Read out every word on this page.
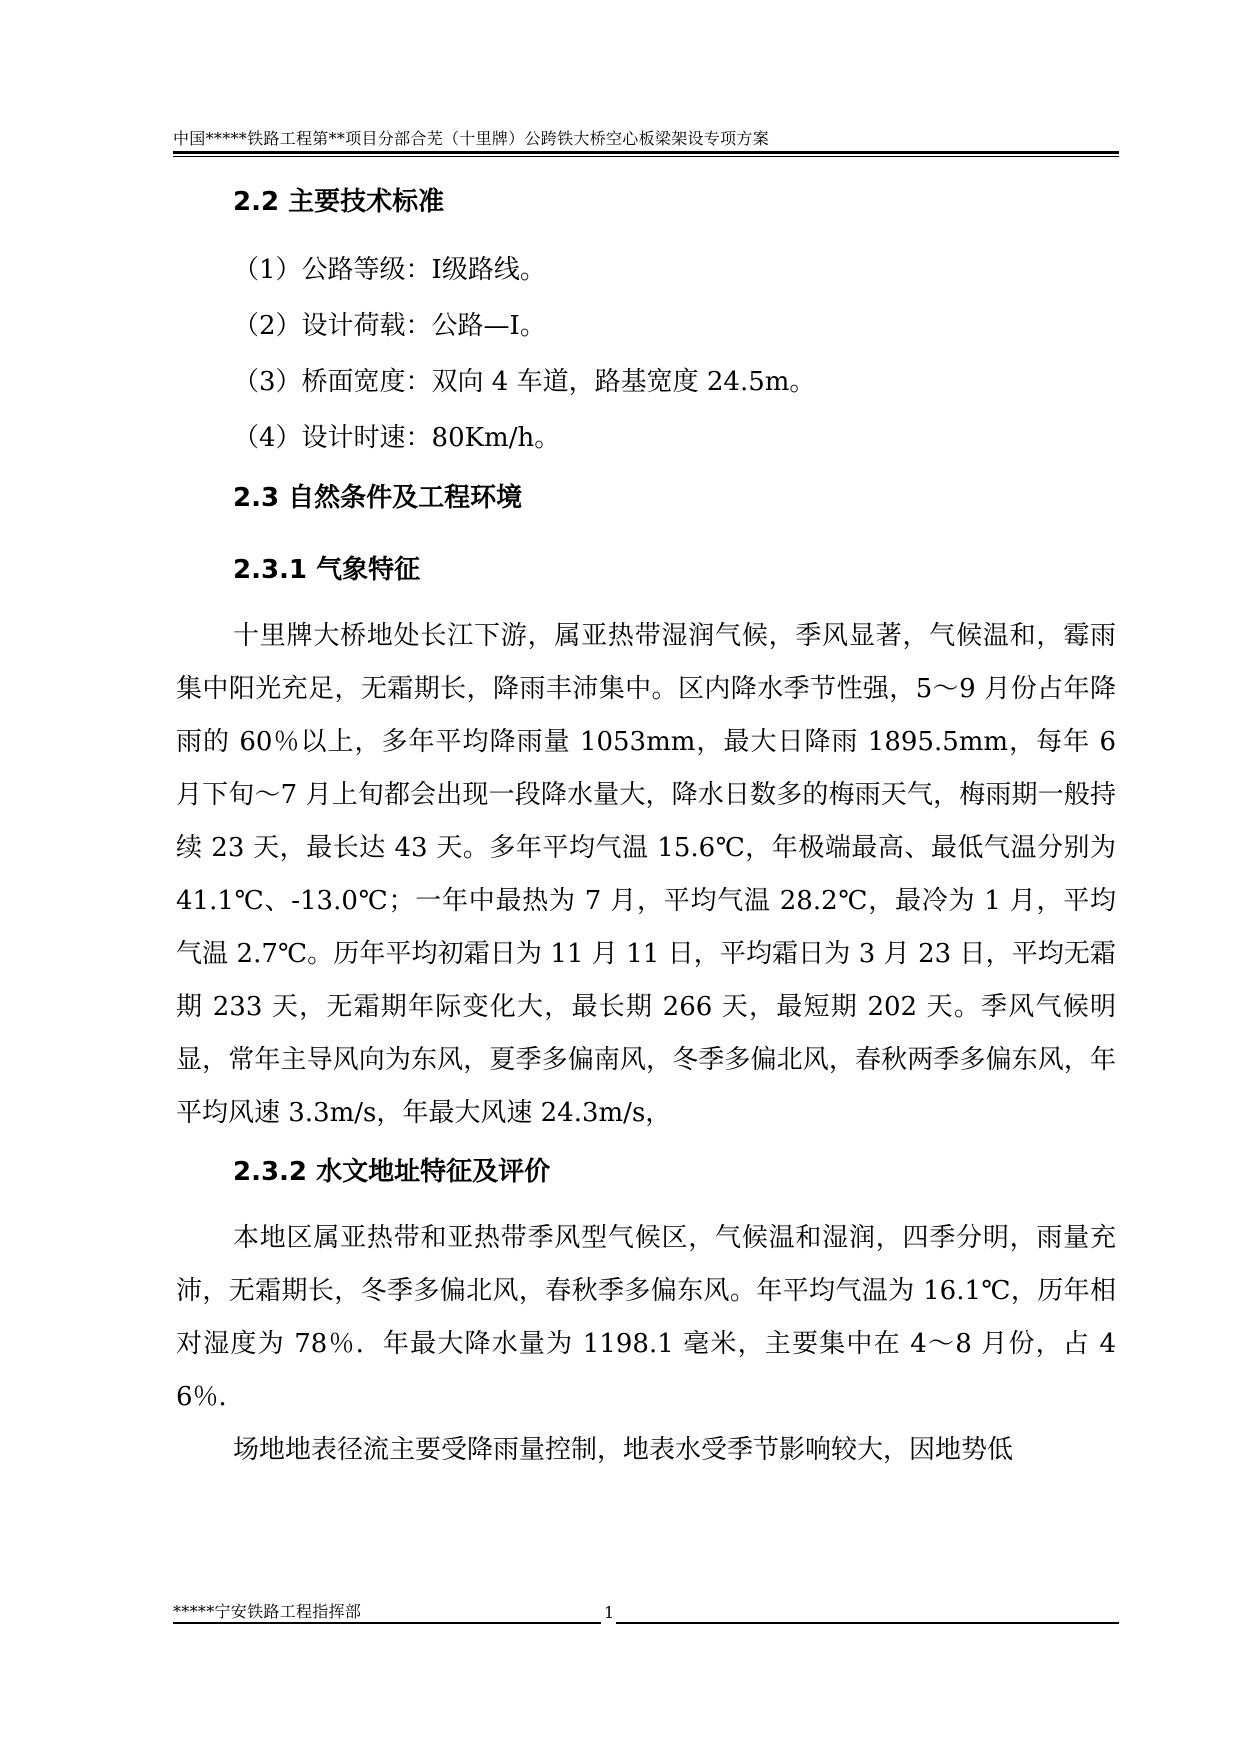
中国*****铁路工程第**项目分部合芜（十里牌）公跨铁大桥空心板梁架设专项方案
2.2 主要技术标准
（1）公路等级：Ⅰ级路线。
（2）设计荷载：公路—Ⅰ。
（3）桥面宽度：双向 4 车道，路基宽度 24.5m。
（4）设计时速：80Km/h。
2.3 自然条件及工程环境
2.3.1 气象特征

十里牌大桥地处长江下游，属亚热带湿润气候，季风显著，气候温和，霉雨集中阳光充足，无霜期长，降雨丰沛集中。区内降水季节性强，5～9 月份占年降雨的 60％以上，多年平均降雨量 1053mm，最大日降雨 1895.5mm，每年 6 月下旬～7 月上旬都会出现一段降水量大，降水日数多的梅雨天气，梅雨期一般持续 23 天，最长达 43 天。多年平均气温 15.6℃，年极端最高、最低气温分别为 41.1℃、-13.0℃；一年中最热为 7 月，平均气温 28.2℃，最冷为 1 月，平均气温 2.7℃。历年平均初霜日为 11 月 11 日，平均霜日为 3 月 23 日，平均无霜期 233 天，无霜期年际变化大，最长期 266 天，最短期 202 天。季风气候明显，常年主导风向为东风，夏季多偏南风，冬季多偏北风，春秋两季多偏东风，年平均风速 3.3m/s，年最大风速 24.3m/s，

2.3.2 水文地址特征及评价

本地区属亚热带和亚热带季风型气候区，气候温和湿润，四季分明，雨量充沛，无霜期长，冬季多偏北风，春秋季多偏东风。年平均气温为 16.1℃，历年相对湿度为 78％．年最大降水量为 1198.1 毫米，主要集中在 4～8 月份，占 46％．

场地地表径流主要受降雨量控制，地表水受季节影响较大，因地势低

*****宁安铁路工程指挥部	1
